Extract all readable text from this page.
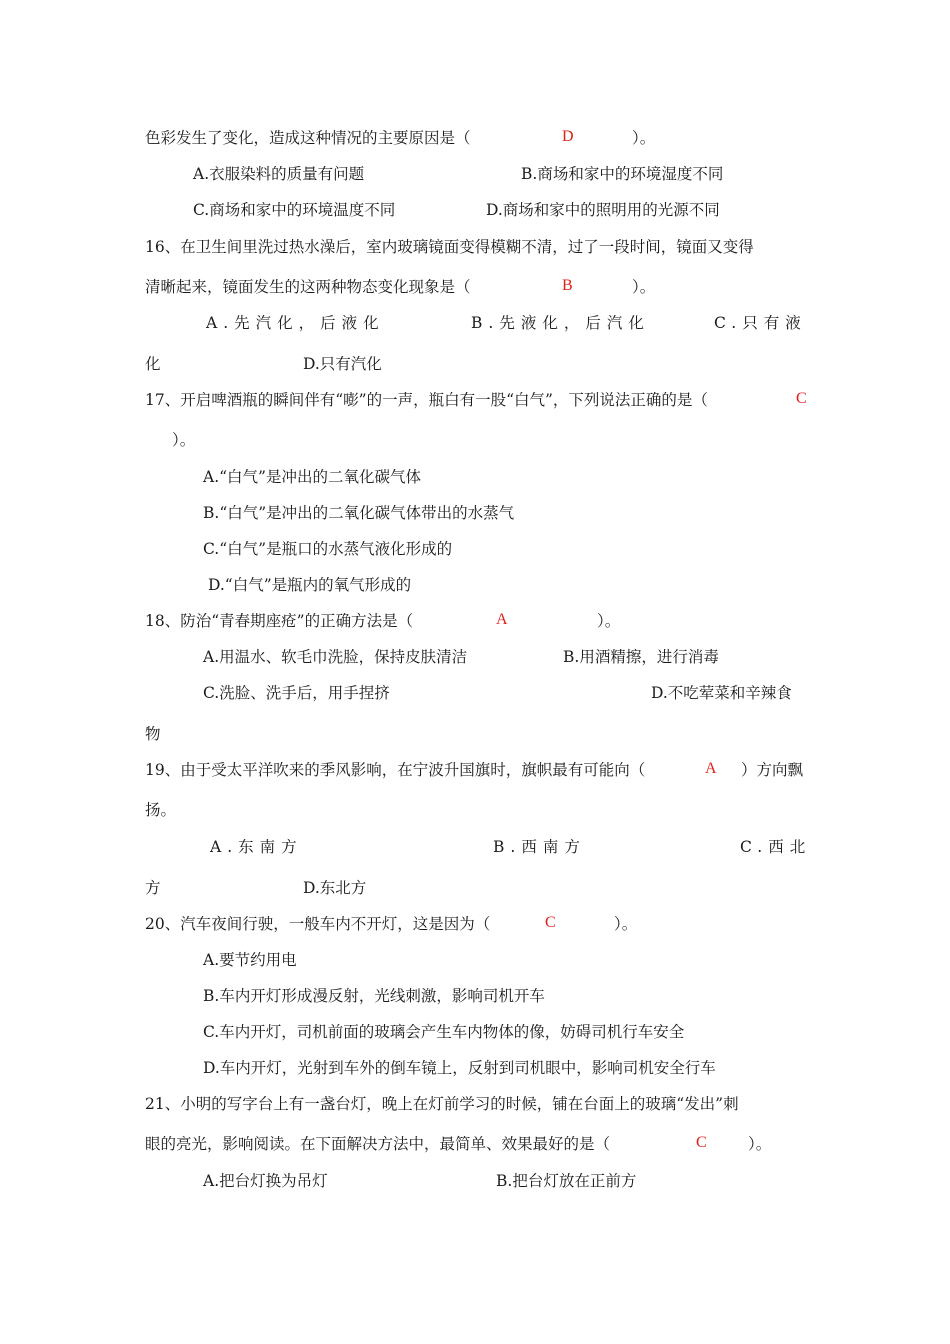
色彩发生了变化，造成这种情况的主要原因是（	D	）。
A.衣服染料的质量有问题	B.商场和家中的环境湿度不同
C.商场和家中的环境温度不同	D.商场和家中的照明用的光源不同
16、在卫生间里洗过热水澡后，室内玻璃镜面变得模糊不清，过了一段时间，镜面又变得
清晰起来，镜面发生的这两种物态变化现象是（	B	）。
A.先汽化，后液化	B.先液化，后汽化	C.只有液
化	D.只有汽化
17、开启啤酒瓶的瞬间伴有“嘭”的一声，瓶白有一股“白气”，下列说法正确的是（	C
）。
A.“白气”是冲出的二氧化碳气体
B.“白气”是冲出的二氧化碳气体带出的水蒸气
C.“白气”是瓶口的水蒸气液化形成的
D.“白气”是瓶内的氧气形成的
18、防治“青春期座疮”的正确方法是（	A	）。
A.用温水、软毛巾洗脸，保持皮肤清洁	B.用酒精擦，进行消毒
C.洗脸、洗手后，用手捏挤	D.不吃荤菜和辛辣食
物
19、由于受太平洋吹来的季风影响，在宁波升国旗时，旗帜最有可能向（	A ）方向飘
扬。
A.东南方	B.西南方	C.西北
方	D.东北方
20、汽车夜间行驶，一般车内不开灯，这是因为（	C	）。
A.要节约用电
B.车内开灯形成漫反射，光线刺激，影响司机开车
C.车内开灯，司机前面的玻璃会产生车内物体的像，妨碍司机行车安全
D.车内开灯，光射到车外的倒车镜上，反射到司机眼中，影响司机安全行车
21、小明的写字台上有一盏台灯，晚上在灯前学习的时候，铺在台面上的玻璃“发出”刺
眼的亮光，影响阅读。在下面解决方法中，最简单、效果最好的是（	C	）。
A.把台灯换为吊灯	B.把台灯放在正前方
